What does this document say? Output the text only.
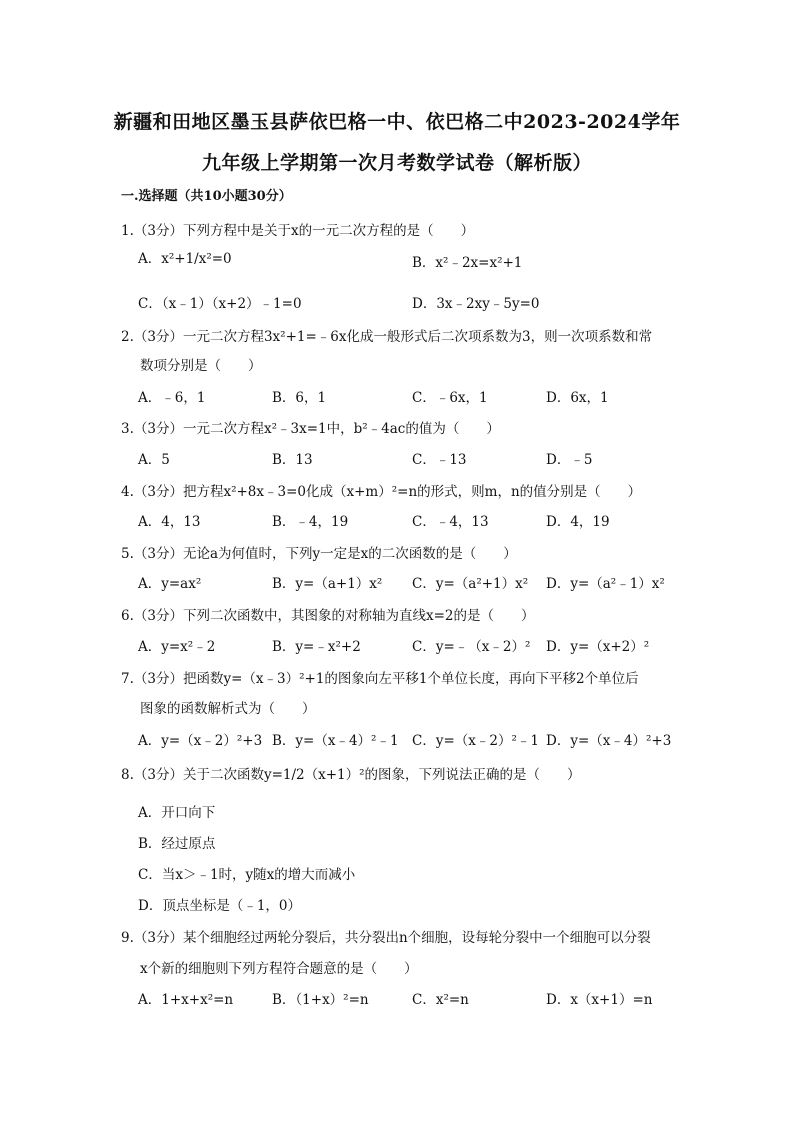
新疆和田地区墨玉县萨依巴格一中、依巴格二中2023-2024学年
九年级上学期第一次月考数学试卷（解析版）
一.选择题（共10小题30分）
1.（3分）下列方程中是关于x的一元二次方程的是（　　）
A．x²+1/x²=0	B．x²﹣2x=x²+1
C．（x﹣1）（x+2）﹣1=0	D．3x﹣2xy﹣5y=0
2.（3分）一元二次方程3x²+1=﹣6x化成一般形式后二次项系数为3，则一次项系数和常
数项分别是（　　）
A．﹣6，1	B．6，1	C．﹣6x，1	D．6x，1
3.（3分）一元二次方程x²﹣3x=1中，b²﹣4ac的值为（　　）
A．5	B．13	C．﹣13	D．﹣5
4.（3分）把方程x²+8x﹣3=0化成（x+m）²=n的形式，则m，n的值分别是（　　）
A．4，13	B．﹣4，19	C．﹣4，13	D．4，19
5.（3分）无论a为何值时，下列y一定是x的二次函数的是（　　）
A．y=ax²	B．y=（a+1）x² C．y=（a²+1）x² D．y=（a²﹣1）x²
6.（3分）下列二次函数中，其图象的对称轴为直线x=2的是（　　）
A．y=x²﹣2	B．y=﹣x²+2	C．y=﹣（x﹣2）² D．y=（x+2）²
7.（3分）把函数y=（x﹣3）²+1的图象向左平移1个单位长度，再向下平移2个单位后
图象的函数解析式为（　　）
A．y=（x﹣2）²+3 B．y=（x﹣4）²﹣1 C．y=（x﹣2）²﹣1 D．y=（x﹣4）²+3
8.（3分）关于二次函数y=1/2（x+1）²的图象，下列说法正确的是（　　）
A．开口向下
B．经过原点
C．当x＞﹣1时，y随x的增大而减小
D．顶点坐标是（﹣1，0）
9.（3分）某个细胞经过两轮分裂后，共分裂出n个细胞，设每轮分裂中一个细胞可以分裂
x个新的细胞则下列方程符合题意的是（　　）
A．1+x+x²=n	B．（1+x）²=n	C．x²=n	D．x（x+1）=n
